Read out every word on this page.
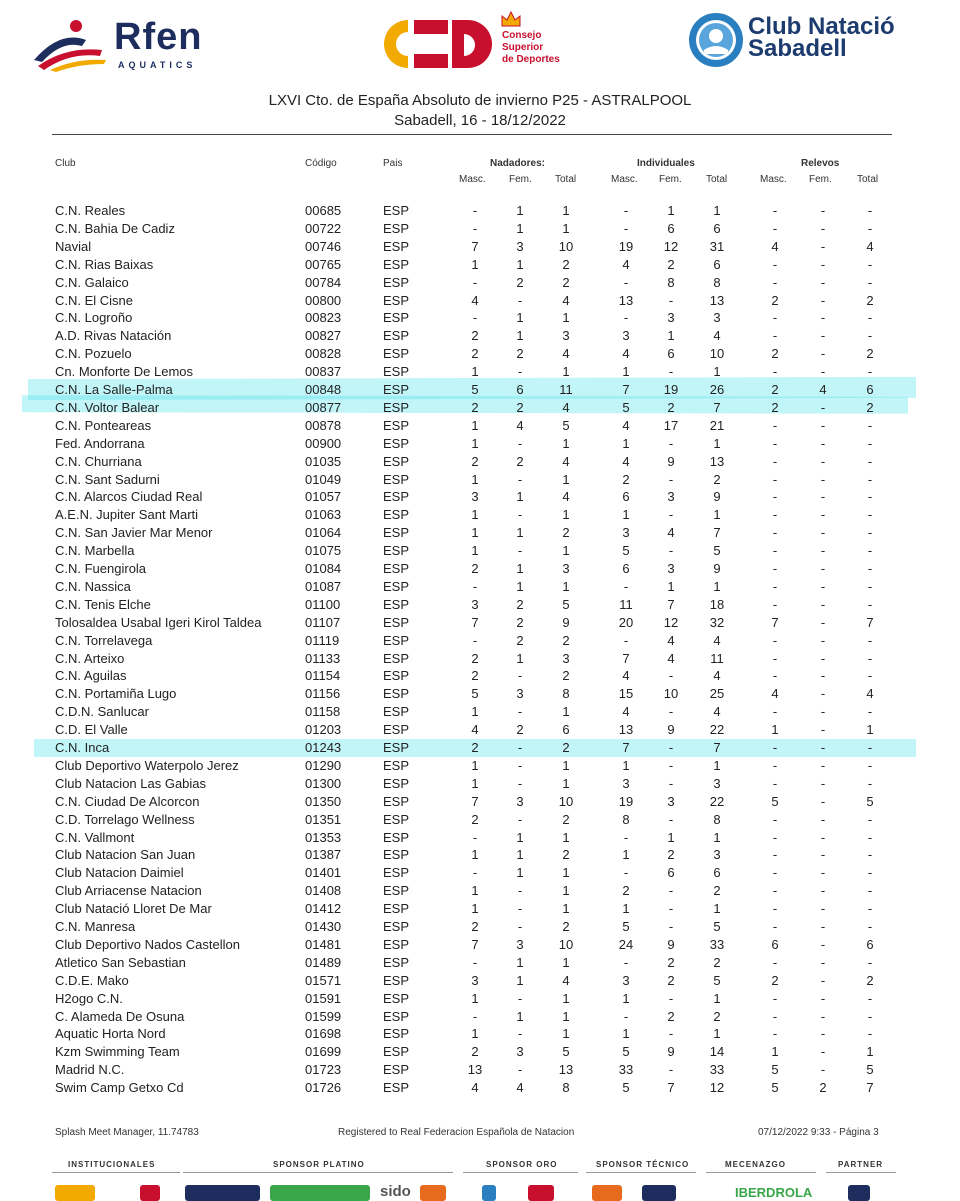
Rfen
AQUATICS
Consejo
Superior
de Deportes
Club Natació
Sabadell
LXVI Cto. de España Absoluto de invierno P25 - ASTRALPOOL
Sabadell, 16 - 18/12/2022
Club	Código	Pais	Nadadores:	Individuales	Relevos
Masc. Fem. Total	Masc. Fem. Total	Masc. Fem.	Total
C.N. Reales	00685	ESP	-	1	1	-	1	1	-	-	-
C.N. Bahia De Cadiz	00722	ESP	-	1	1	-	6	6	-	-	-
Navial	00746	ESP	7	3	10	19	12	31	4	-	4
C.N. Rias Baixas	00765	ESP	1	1	2	4	2	6	-	-	-
C.N. Galaico	00784	ESP	-	2	2	-	8	8	-	-	-
C.N. El Cisne	00800	ESP	4	-	4	13	-	13	2	-	2
C.N. Logroño	00823	ESP	-	1	1	-	3	3	-	-	-
A.D. Rivas Natación	00827	ESP	2	1	3	3	1	4	-	-	-
C.N. Pozuelo	00828	ESP	2	2	4	4	6	10	2	-	2
Cn. Monforte De Lemos	00837	ESP	1	-	1	1	-	1	-	-	-
C.N. La Salle-Palma	00848	ESP	5	6	11	7	19	26	2	4	6
C.N. Voltor Balear	00877	ESP	2	2	4	5	2	7	2	-	2
C.N. Ponteareas	00878	ESP	1	4	5	4	17	21	-	-	-
Fed. Andorrana	00900	ESP	1	-	1	1	-	1	-	-	-
C.N. Churriana	01035	ESP	2	2	4	4	9	13	-	-	-
C.N. Sant Sadurni	01049	ESP	1	-	1	2	-	2	-	-	-
C.N. Alarcos Ciudad Real	01057	ESP	3	1	4	6	3	9	-	-	-
A.E.N. Jupiter Sant Marti	01063	ESP	1	-	1	1	-	1	-	-	-
C.N. San Javier Mar Menor	01064	ESP	1	1	2	3	4	7	-	-	-
C.N. Marbella	01075	ESP	1	-	1	5	-	5	-	-	-
C.N. Fuengirola	01084	ESP	2	1	3	6	3	9	-	-	-
C.N. Nassica	01087	ESP	-	1	1	-	1	1	-	-	-
C.N. Tenis Elche	01100	ESP	3	2	5	11	7	18	-	-	-
Tolosaldea Usabal Igeri Kirol Taldea	01107	ESP	7	2	9	20	12	32	7	-	7
C.N. Torrelavega	01119	ESP	-	2	2	-	4	4	-	-	-
C.N. Arteixo	01133	ESP	2	1	3	7	4	11	-	-	-
C.N. Aguilas	01154	ESP	2	-	2	4	-	4	-	-	-
C.N. Portamiña Lugo	01156	ESP	5	3	8	15	10	25	4	-	4
C.D.N. Sanlucar	01158	ESP	1	-	1	4	-	4	-	-	-
C.D. El Valle	01203	ESP	4	2	6	13	9	22	1	-	1
C.N. Inca	01243	ESP	2	-	2	7	-	7	-	-	-
Club Deportivo Waterpolo Jerez	01290	ESP	1	-	1	1	-	1	-	-	-
Club Natacion Las Gabias	01300	ESP	1	-	1	3	-	3	-	-	-
C.N. Ciudad De Alcorcon	01350	ESP	7	3	10	19	3	22	5	-	5
C.D. Torrelago Wellness	01351	ESP	2	-	2	8	-	8	-	-	-
C.N. Vallmont	01353	ESP	-	1	1	-	1	1	-	-	-
Club Natacion San Juan	01387	ESP	1	1	2	1	2	3	-	-	-
Club Natacion Daimiel	01401	ESP	-	1	1	-	6	6	-	-	-
Club Arriacense Natacion	01408	ESP	1	-	1	2	-	2	-	-	-
Club Natació Lloret De Mar	01412	ESP	1	-	1	1	-	1	-	-	-
C.N. Manresa	01430	ESP	2	-	2	5	-	5	-	-	-
Club Deportivo Nados Castellon	01481	ESP	7	3	10	24	9	33	6	-	6
Atletico San Sebastian	01489	ESP	-	1	1	-	2	2	-	-	-
C.D.E. Mako	01571	ESP	3	1	4	3	2	5	2	-	2
H2ogo C.N.	01591	ESP	1	-	1	1	-	1	-	-	-
C. Alameda De Osuna	01599	ESP	-	1	1	-	2	2	-	-	-
Aquatic Horta Nord	01698	ESP	1	-	1	1	-	1	-	-	-
Kzm Swimming Team	01699	ESP	2	3	5	5	9	14	1	-	1
Madrid N.C.	01723	ESP	13	-	13	33	-	33	5	-	5
Swim Camp Getxo Cd	01726	ESP	4	4	8	5	7	12	5	2	7
Splash Meet Manager, 11.74783	Registered to Real Federacion Española de Natacion	07/12/2022 9:33 - Página 3
INSTITUCIONALES	SPONSOR PLATINO	SPONSOR ORO	SPONSOR TÉCNICO	MECENAZGO	PARTNER
sido	IBERDROLA
